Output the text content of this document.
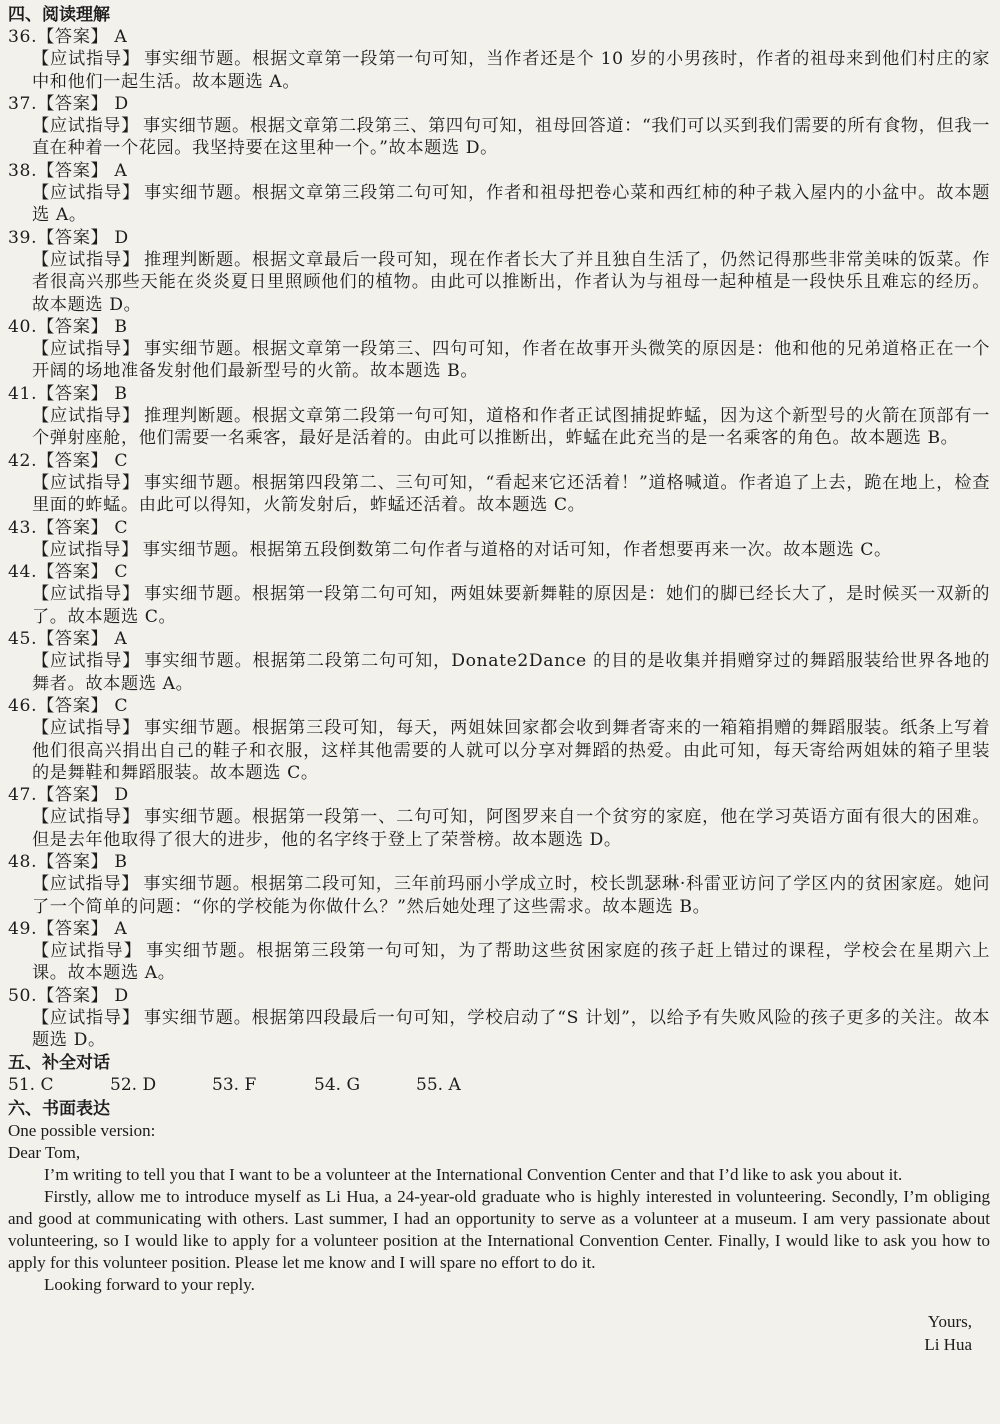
四、阅读理解

36.【答案】 A

【应试指导】 事实细节题。根据文章第一段第一句可知，当作者还是个 10 岁的小男孩时，作者的祖母来到他们村庄的家中和他们一起生活。故本题选 A。

37.【答案】 D

【应试指导】 事实细节题。根据文章第二段第三、第四句可知，祖母回答道：“我们可以买到我们需要的所有食物，但我一直在种着一个花园。我坚持要在这里种一个。”故本题选 D。

38.【答案】 A

【应试指导】 事实细节题。根据文章第三段第二句可知，作者和祖母把卷心菜和西红柿的种子栽入屋内的小盆中。故本题选 A。

39.【答案】 D

【应试指导】 推理判断题。根据文章最后一段可知，现在作者长大了并且独自生活了，仍然记得那些非常美味的饭菜。作者很高兴那些天能在炎炎夏日里照顾他们的植物。由此可以推断出，作者认为与祖母一起种植是一段快乐且难忘的经历。故本题选 D。

40.【答案】 B

【应试指导】 事实细节题。根据文章第一段第三、四句可知，作者在故事开头微笑的原因是：他和他的兄弟道格正在一个开阔的场地准备发射他们最新型号的火箭。故本题选 B。

41.【答案】 B

【应试指导】 推理判断题。根据文章第二段第一句可知，道格和作者正试图捕捉蚱蜢，因为这个新型号的火箭在顶部有一个弹射座舱，他们需要一名乘客，最好是活着的。由此可以推断出，蚱蜢在此充当的是一名乘客的角色。故本题选 B。

42.【答案】 C

【应试指导】 事实细节题。根据第四段第二、三句可知，“看起来它还活着！”道格喊道。作者追了上去，跪在地上，检查里面的蚱蜢。由此可以得知，火箭发射后，蚱蜢还活着。故本题选 C。

43.【答案】 C

【应试指导】 事实细节题。根据第五段倒数第二句作者与道格的对话可知，作者想要再来一次。故本题选 C。

44.【答案】 C

【应试指导】 事实细节题。根据第一段第二句可知，两姐妹要新舞鞋的原因是：她们的脚已经长大了，是时候买一双新的了。故本题选 C。

45.【答案】 A

【应试指导】 事实细节题。根据第二段第二句可知，Donate2Dance 的目的是收集并捐赠穿过的舞蹈服装给世界各地的舞者。故本题选 A。

46.【答案】 C

【应试指导】 事实细节题。根据第三段可知，每天，两姐妹回家都会收到舞者寄来的一箱箱捐赠的舞蹈服装。纸条上写着他们很高兴捐出自己的鞋子和衣服，这样其他需要的人就可以分享对舞蹈的热爱。由此可知，每天寄给两姐妹的箱子里装的是舞鞋和舞蹈服装。故本题选 C。

47.【答案】 D

【应试指导】 事实细节题。根据第一段第一、二句可知，阿图罗来自一个贫穷的家庭，他在学习英语方面有很大的困难。但是去年他取得了很大的进步，他的名字终于登上了荣誉榜。故本题选 D。

48.【答案】 B

【应试指导】 事实细节题。根据第二段可知，三年前玛丽小学成立时，校长凯瑟琳·科雷亚访问了学区内的贫困家庭。她问了一个简单的问题：“你的学校能为你做什么？”然后她处理了这些需求。故本题选 B。

49.【答案】 A

【应试指导】 事实细节题。根据第三段第一句可知，为了帮助这些贫困家庭的孩子赶上错过的课程，学校会在星期六上课。故本题选 A。

50.【答案】 D

【应试指导】 事实细节题。根据第四段最后一句可知，学校启动了“S 计划”，以给予有失败风险的孩子更多的关注。故本题选 D。

五、补全对话
51. C	52. D	53. F	54. G	55. A
六、书面表达

One possible version:

Dear Tom,

I’m writing to tell you that I want to be a volunteer at the International Convention Center and that I’d like to ask you about it.

Firstly, allow me to introduce myself as Li Hua, a 24-year-old graduate who is highly interested in volunteering. Secondly, I’m obliging and good at communicating with others. Last summer, I had an opportunity to serve as a volunteer at a museum. I am very passionate about volunteering, so I would like to apply for a volunteer position at the International Convention Center. Finally, I would like to ask you how to apply for this volunteer position. Please let me know and I will spare no effort to do it.

Looking forward to your reply.

Yours,
Li Hua
